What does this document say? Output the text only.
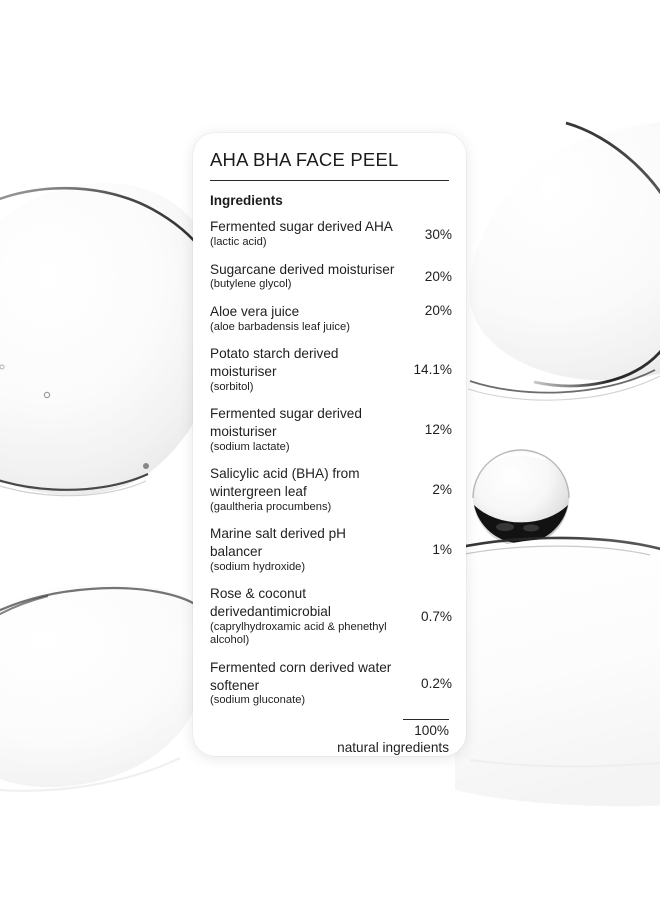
AHA BHA FACE PEEL
Ingredients
Fermented sugar derived AHA
(lactic acid)
30%
Sugarcane derived moisturiser
(butylene glycol)
20%
Aloe vera juice
(aloe barbadensis leaf juice)
20%
Potato starch derived moisturiser
(sorbitol)
14.1%
Fermented sugar derived moisturiser
(sodium lactate)
12%
Salicylic acid (BHA) from wintergreen leaf
(gaultheria procumbens)
2%
Marine salt derived pH balancer
(sodium hydroxide)
1%
Rose & coconut derivedantimicrobial
(caprylhydroxamic acid & phenethyl alcohol)
0.7%
Fermented corn derived water softener
(sodium gluconate)
0.2%
100%
natural ingredients
